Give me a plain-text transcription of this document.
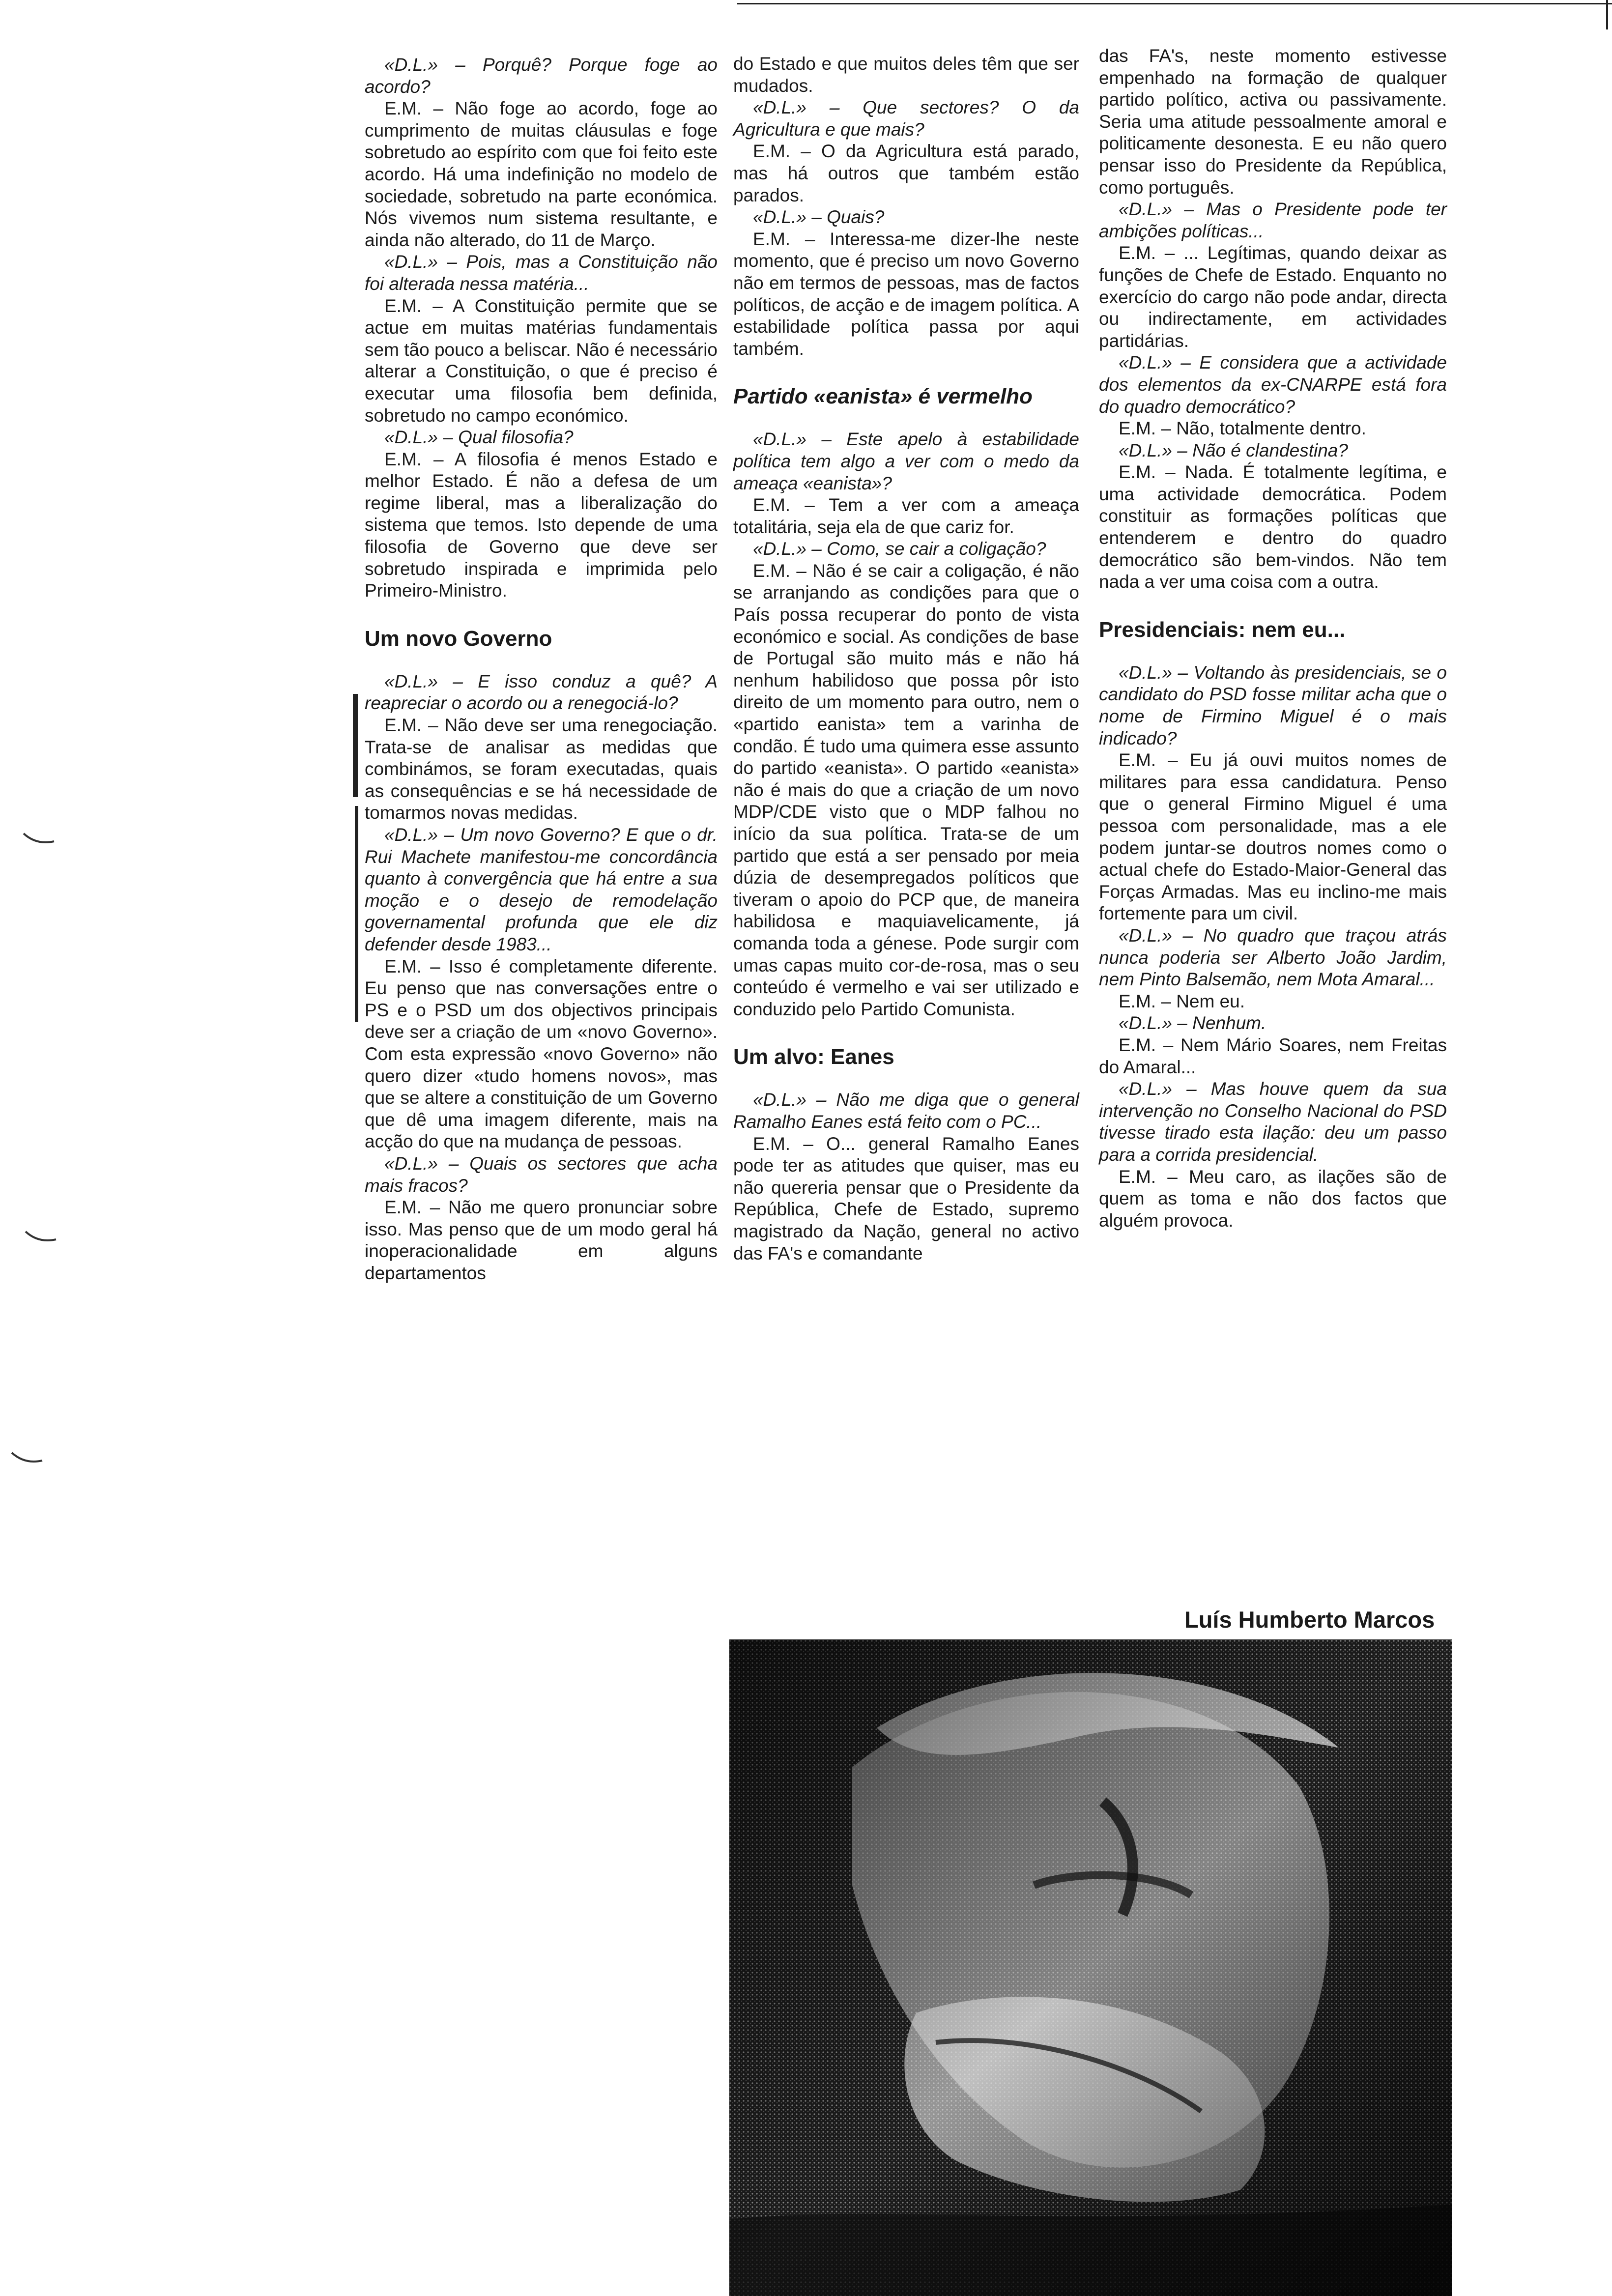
«D.L.» – Porquê? Porque foge ao acordo?

E.M. – Não foge ao acordo, foge ao cumprimento de muitas cláusulas e foge sobretudo ao espírito com que foi feito este acordo. Há uma indefinição no modelo de sociedade, sobretudo na parte económica. Nós vivemos num sistema resultante, e ainda não alterado, do 11 de Março.

«D.L.» – Pois, mas a Constituição não foi alterada nessa matéria...

E.M. – A Constituição permite que se actue em muitas matérias fundamentais sem tão pouco a beliscar. Não é necessário alterar a Constituição, o que é preciso é executar uma filosofia bem definida, sobretudo no campo económico.

«D.L.» – Qual filosofia?

E.M. – A filosofia é menos Estado e melhor Estado. É não a defesa de um regime liberal, mas a liberalização do sistema que temos. Isto depende de uma filosofia de Governo que deve ser sobretudo inspirada e imprimida pelo Primeiro-Ministro.

Um novo Governo

«D.L.» – E isso conduz a quê? A reapreciar o acordo ou a renegociá-lo?

E.M. – Não deve ser uma renegociação. Trata-se de analisar as medidas que combinámos, se foram executadas, quais as consequências e se há necessidade de tomarmos novas medidas.

«D.L.» – Um novo Governo? E que o dr. Rui Machete manifestou-me concordância quanto à convergência que há entre a sua moção e o desejo de remodelação governamental profunda que ele diz defender desde 1983...

E.M. – Isso é completamente diferente. Eu penso que nas conversações entre o PS e o PSD um dos objectivos principais deve ser a criação de um «novo Governo». Com esta expressão «novo Governo» não quero dizer «tudo homens novos», mas que se altere a constituição de um Governo que dê uma imagem diferente, mais na acção do que na mudança de pessoas.

«D.L.» – Quais os sectores que acha mais fracos?

E.M. – Não me quero pronunciar sobre isso. Mas penso que de um modo geral há inoperacionalidade em alguns departamentos

do Estado e que muitos deles têm que ser mudados.

«D.L.» – Que sectores? O da Agricultura e que mais?

E.M. – O da Agricultura está parado, mas há outros que também estão parados.

«D.L.» – Quais?

E.M. – Interessa-me dizer-lhe neste momento, que é preciso um novo Governo não em termos de pessoas, mas de factos políticos, de acção e de imagem política. A estabilidade política passa por aqui também.

Partido «eanista» é vermelho

«D.L.» – Este apelo à estabilidade política tem algo a ver com o medo da ameaça «eanista»?

E.M. – Tem a ver com a ameaça totalitária, seja ela de que cariz for.

«D.L.» – Como, se cair a coligação?

E.M. – Não é se cair a coligação, é não se arranjando as condições para que o País possa recuperar do ponto de vista económico e social. As condições de base de Portugal são muito más e não há nenhum habilidoso que possa pôr isto direito de um momento para outro, nem o «partido eanista» tem a varinha de condão. É tudo uma quimera esse assunto do partido «eanista». O partido «eanista» não é mais do que a criação de um novo MDP/CDE visto que o MDP falhou no início da sua política. Trata-se de um partido que está a ser pensado por meia dúzia de desempregados políticos que tiveram o apoio do PCP que, de maneira habilidosa e maquiavelicamente, já comanda toda a génese. Pode surgir com umas capas muito cor-de-rosa, mas o seu conteúdo é vermelho e vai ser utilizado e conduzido pelo Partido Comunista.

Um alvo: Eanes

«D.L.» – Não me diga que o general Ramalho Eanes está feito com o PC...

E.M. – O... general Ramalho Eanes pode ter as atitudes que quiser, mas eu não quereria pensar que o Presidente da República, Chefe de Estado, supremo magistrado da Nação, general no activo das FA's e comandante

das FA's, neste momento estivesse empenhado na formação de qualquer partido político, activa ou passivamente. Seria uma atitude pessoalmente amoral e politicamente desonesta. E eu não quero pensar isso do Presidente da República, como português.

«D.L.» – Mas o Presidente pode ter ambições políticas...

E.M. – ... Legítimas, quando deixar as funções de Chefe de Estado. Enquanto no exercício do cargo não pode andar, directa ou indirectamente, em actividades partidárias.

«D.L.» – E considera que a actividade dos elementos da ex-CNARPE está fora do quadro democrático?

E.M. – Não, totalmente dentro.

«D.L.» – Não é clandestina?

E.M. – Nada. É totalmente legítima, e uma actividade democrática. Podem constituir as formações políticas que entenderem e dentro do quadro democrático são bem-vindos. Não tem nada a ver uma coisa com a outra.

Presidenciais: nem eu...

«D.L.» – Voltando às presidenciais, se o candidato do PSD fosse militar acha que o nome de Firmino Miguel é o mais indicado?

E.M. – Eu já ouvi muitos nomes de militares para essa candidatura. Penso que o general Firmino Miguel é uma pessoa com personalidade, mas a ele podem juntar-se doutros nomes como o actual chefe do Estado-Maior-General das Forças Armadas. Mas eu inclino-me mais fortemente para um civil.

«D.L.» – No quadro que traçou atrás nunca poderia ser Alberto João Jardim, nem Pinto Balsemão, nem Mota Amaral...

E.M. – Nem eu.

«D.L.» – Nenhum.

E.M. – Nem Mário Soares, nem Freitas do Amaral...

«D.L.» – Mas houve quem da sua intervenção no Conselho Nacional do PSD tivesse tirado esta ilação: deu um passo para a corrida presidencial.

E.M. – Meu caro, as ilações são de quem as toma e não dos factos que alguém provoca.

Luís Humberto Marcos
